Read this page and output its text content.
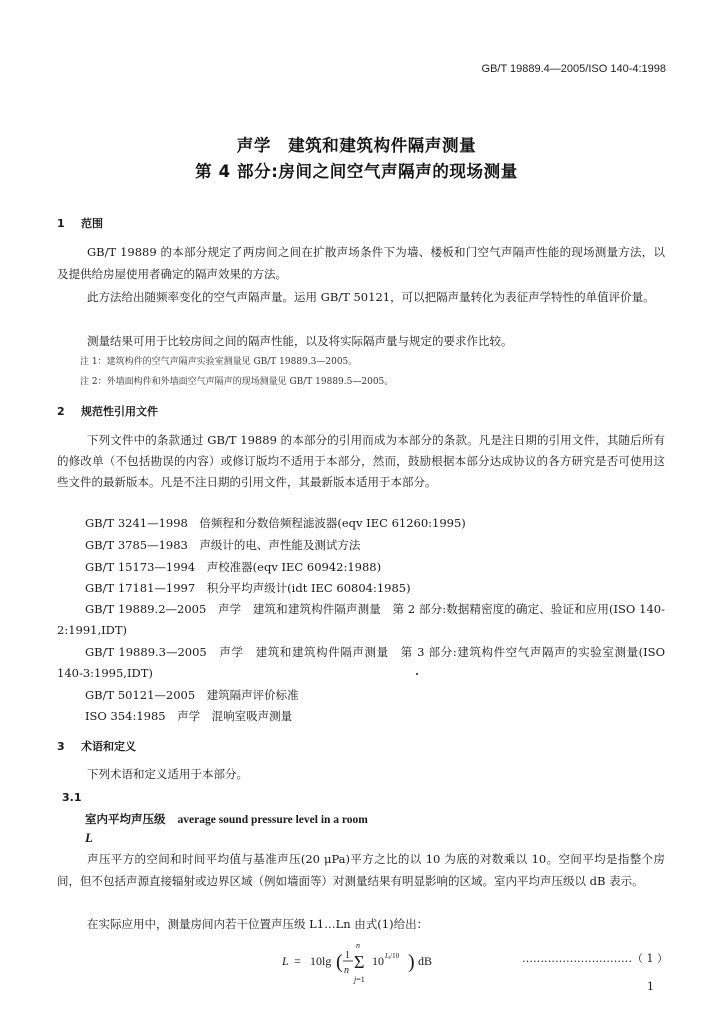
GB/T 19889.4—2005/ISO 140-4:1998
声学　建筑和建筑构件隔声测量
第 4 部分:房间之间空气声隔声的现场测量
1 范围

GB/T 19889 的本部分规定了两房间之间在扩散声场条件下为墙、楼板和门空气声隔声性能的现场测量方法，以及提供给房屋使用者确定的隔声效果的方法。

此方法给出随频率变化的空气声隔声量。运用 GB/T 50121，可以把隔声量转化为表征声学特性的单值评价量。

测量结果可用于比较房间之间的隔声性能，以及将实际隔声量与规定的要求作比较。

注 1：建筑构件的空气声隔声实验室测量见 GB/T 19889.3—2005。
注 2：外墙面构件和外墙面空气声隔声的现场测量见 GB/T 19889.5—2005。
2 规范性引用文件

下列文件中的条款通过 GB/T 19889 的本部分的引用而成为本部分的条款。凡是注日期的引用文件，其随后所有的修改单（不包括勘误的内容）或修订版均不适用于本部分，然而，鼓励根据本部分达成协议的各方研究是否可使用这些文件的最新版本。凡是不注日期的引用文件，其最新版本适用于本部分。

GB/T 3241—1998　倍频程和分数倍频程滤波器(eqv IEC 61260:1995)
GB/T 3785—1983　声级计的电、声性能及测试方法
GB/T 15173—1994　声校准器(eqv IEC 60942:1988)
GB/T 17181—1997　积分平均声级计(idt IEC 60804:1985)

GB/T 19889.2—2005　声学　建筑和建筑构件隔声测量　第 2 部分:数据精密度的确定、验证和应用(ISO 140-2:1991,IDT)

GB/T 19889.3—2005　声学　建筑和建筑构件隔声测量　第 3 部分:建筑构件空气声隔声的实验室测量(ISO 140-3:1995,IDT)

GB/T 50121—2005　建筑隔声评价标准
ISO 354:1985　声学　混响室吸声测量
3 术语和定义

下列术语和定义适用于本部分。

3.1
室内平均声压级 average sound pressure level in a room
L

声压平方的空间和时间平均值与基准声压(20 μPa)平方之比的以 10 为底的对数乘以 10。空间平均是指整个房间，但不包括声源直接辐射或边界区域（例如墙面等）对测量结果有明显影响的区域。室内平均声压级以 dB 表示。

在实际应用中，测量房间内若干位置声压级 L1…Ln 由式(1)给出：

L = 10lg ( 1
n
n
Σ
j=1
10 Lⱼ/10 ) dB	…………………………（ 1 ）
1
